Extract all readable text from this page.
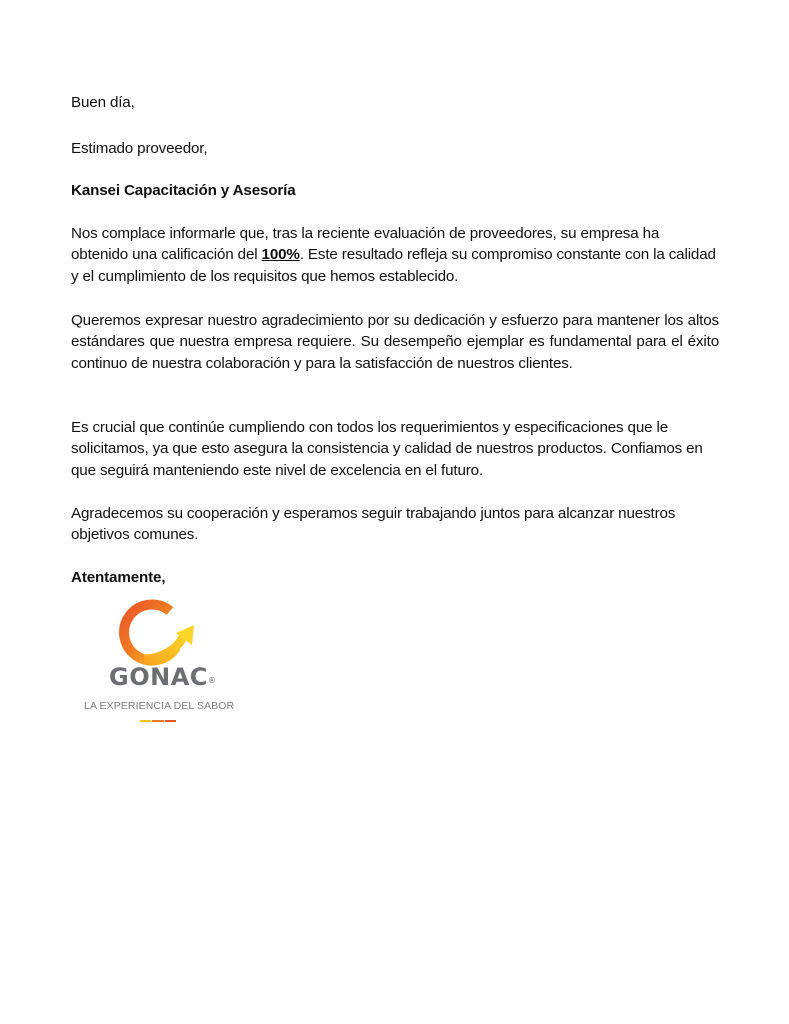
Buen día,
Estimado proveedor,
Kansei Capacitación y Asesoría
Nos complace informarle que, tras la reciente evaluación de proveedores, su empresa ha obtenido una calificación del 100%. Este resultado refleja su compromiso constante con la calidad y el cumplimiento de los requisitos que hemos establecido.
Queremos expresar nuestro agradecimiento por su dedicación y esfuerzo para mantener los altos estándares que nuestra empresa requiere. Su desempeño ejemplar es fundamental para el éxito continuo de nuestra colaboración y para la satisfacción de nuestros clientes.
Es crucial que continúe cumpliendo con todos los requerimientos y especificaciones que le solicitamos, ya que esto asegura la consistencia y calidad de nuestros productos. Confiamos en que seguirá manteniendo este nivel de excelencia en el futuro.
Agradecemos su cooperación y esperamos seguir trabajando juntos para alcanzar nuestros objetivos comunes.
Atentamente,
GONAC®
LA EXPERIENCIA DEL SABOR
